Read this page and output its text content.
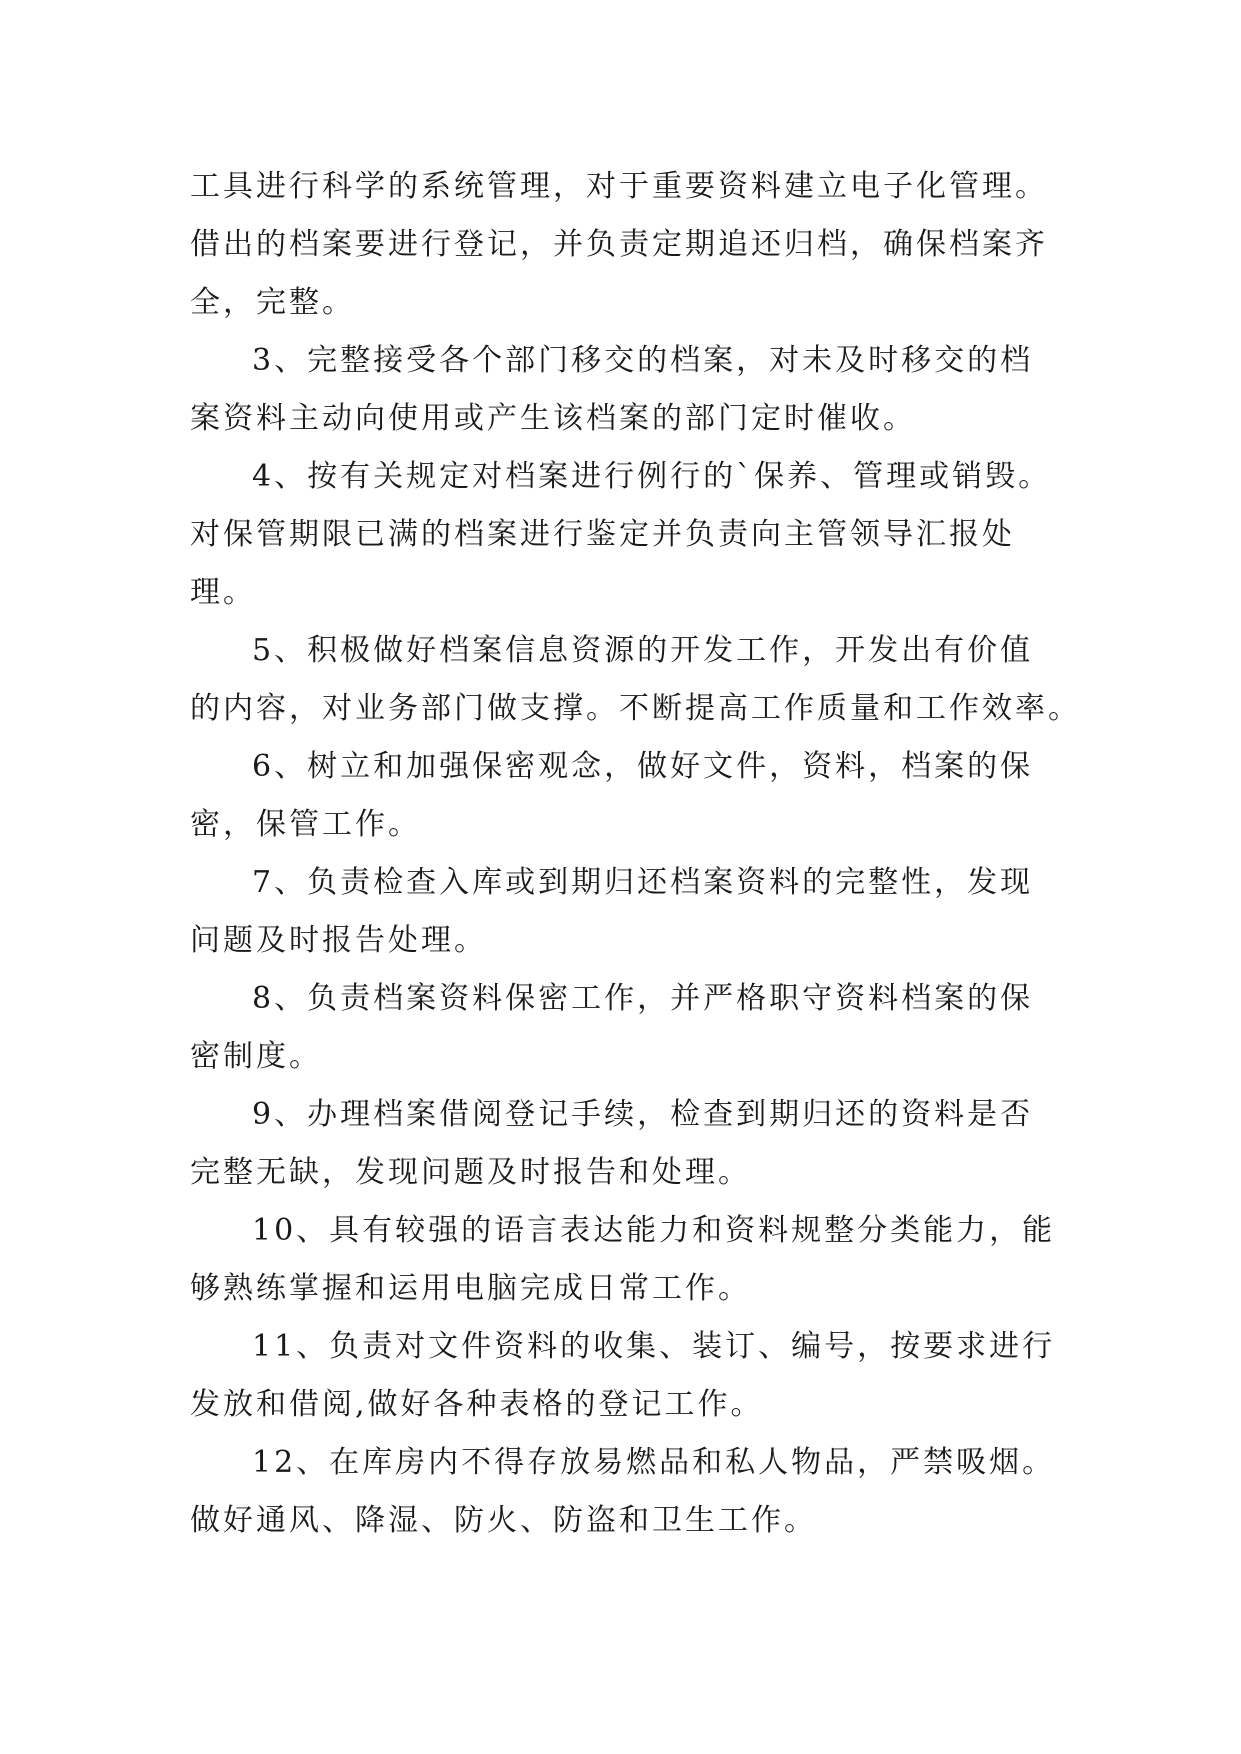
工具进行科学的系统管理，对于重要资料建立电子化管理。
借出的档案要进行登记，并负责定期追还归档，确保档案齐
全，完整。
3、完整接受各个部门移交的档案，对未及时移交的档
案资料主动向使用或产生该档案的部门定时催收。
4、按有关规定对档案进行例行的`保养、管理或销毁。
对保管期限已满的档案进行鉴定并负责向主管领导汇报处
理。
5、积极做好档案信息资源的开发工作，开发出有价值
的内容，对业务部门做支撑。不断提高工作质量和工作效率。
6、树立和加强保密观念，做好文件，资料，档案的保
密，保管工作。
7、负责检查入库或到期归还档案资料的完整性，发现
问题及时报告处理。
8、负责档案资料保密工作，并严格职守资料档案的保
密制度。
9、办理档案借阅登记手续，检查到期归还的资料是否
完整无缺，发现问题及时报告和处理。
10、具有较强的语言表达能力和资料规整分类能力，能
够熟练掌握和运用电脑完成日常工作。
11、负责对文件资料的收集、装订、编号，按要求进行
发放和借阅,做好各种表格的登记工作。
12、在库房内不得存放易燃品和私人物品，严禁吸烟。
做好通风、降湿、防火、防盗和卫生工作。
